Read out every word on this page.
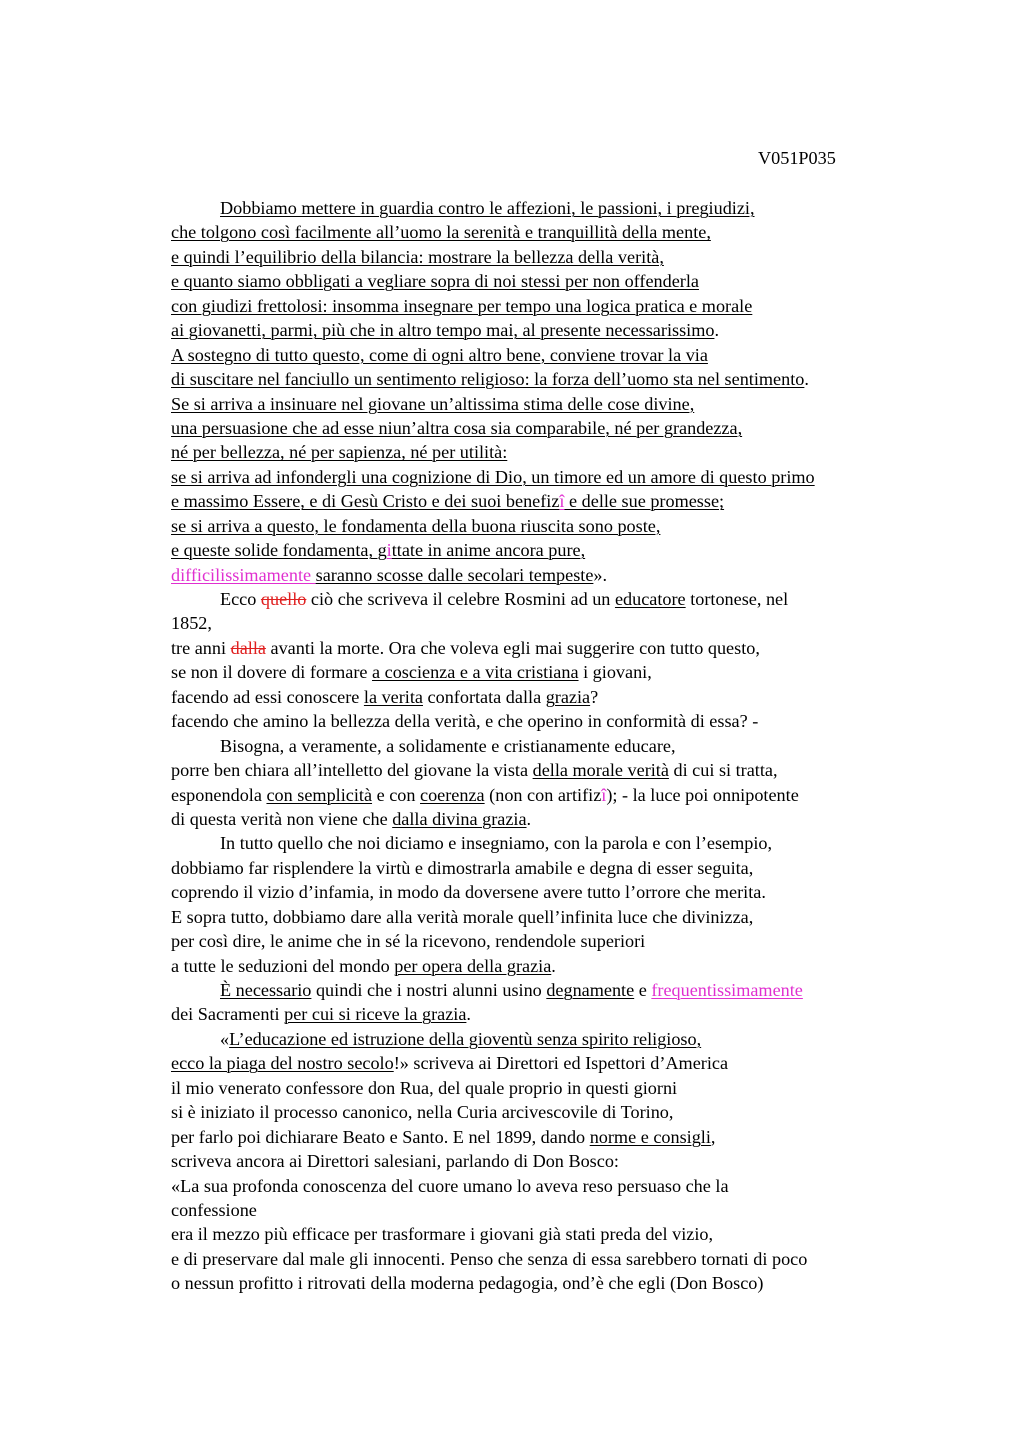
V051P035
Dobbiamo mettere in guardia contro le affezioni, le passioni, i pregiudizi,
che tolgono così facilmente all’uomo la serenità e tranquillità della mente,
e quindi l’equilibrio della bilancia: mostrare la bellezza della verità,
e quanto siamo obbligati a vegliare sopra di noi stessi per non offenderla
con giudizi frettolosi: insomma insegnare per tempo una logica pratica e morale
ai giovanetti, parmi, più che in altro tempo mai, al presente necessarissimo.
A sostegno di tutto questo, come di ogni altro bene, conviene trovar la via
di suscitare nel fanciullo un sentimento religioso: la forza dell’uomo sta nel sentimento.
Se si arriva a insinuare nel giovane un’altissima stima delle cose divine,
una persuasione che ad esse niun’altra cosa sia comparabile, né per grandezza,
né per bellezza, né per sapienza, né per utilità:
se si arriva ad infondergli una cognizione di Dio, un timore ed un amore di questo primo
e massimo Essere, e di Gesù Cristo e dei suoi benefizî e delle sue promesse;
se si arriva a questo, le fondamenta della buona riuscita sono poste,
e queste solide fondamenta, gittate in anime ancora pure,
difficilissimamente saranno scosse dalle secolari tempeste».
Ecco quello ciò che scriveva il celebre Rosmini ad un educatore tortonese, nel
1852,
tre anni dalla avanti la morte. Ora che voleva egli mai suggerire con tutto questo,
se non il dovere di formare a coscienza e a vita cristiana i giovani,
facendo ad essi conoscere la verita confortata dalla grazia?
facendo che amino la bellezza della verità, e che operino in conformità di essa? -
Bisogna, a veramente, a solidamente e cristianamente educare,
porre ben chiara all’intelletto del giovane la vista della morale verità di cui si tratta,
esponendola con semplicità e con coerenza (non con artifizî); - la luce poi onnipotente
di questa verità non viene che dalla divina grazia.
In tutto quello che noi diciamo e insegniamo, con la parola e con l’esempio,
dobbiamo far risplendere la virtù e dimostrarla amabile e degna di esser seguita,
coprendo il vizio d’infamia, in modo da doversene avere tutto l’orrore che merita.
E sopra tutto, dobbiamo dare alla verità morale quell’infinita luce che divinizza,
per così dire, le anime che in sé la ricevono, rendendole superiori
a tutte le seduzioni del mondo per opera della grazia.
È necessario quindi che i nostri alunni usino degnamente e frequentissimamente
dei Sacramenti per cui si riceve la grazia.
«L’educazione ed istruzione della gioventù senza spirito religioso,
ecco la piaga del nostro secolo!» scriveva ai Direttori ed Ispettori d’America
il mio venerato confessore don Rua, del quale proprio in questi giorni
si è iniziato il processo canonico, nella Curia arcivescovile di Torino,
per farlo poi dichiarare Beato e Santo. E nel 1899, dando norme e consigli,
scriveva ancora ai Direttori salesiani, parlando di Don Bosco:
«La sua profonda conoscenza del cuore umano lo aveva reso persuaso che la
confessione
era il mezzo più efficace per trasformare i giovani già stati preda del vizio,
e di preservare dal male gli innocenti. Penso che senza di essa sarebbero tornati di poco
o nessun profitto i ritrovati della moderna pedagogia, ond’è che egli (Don Bosco)
